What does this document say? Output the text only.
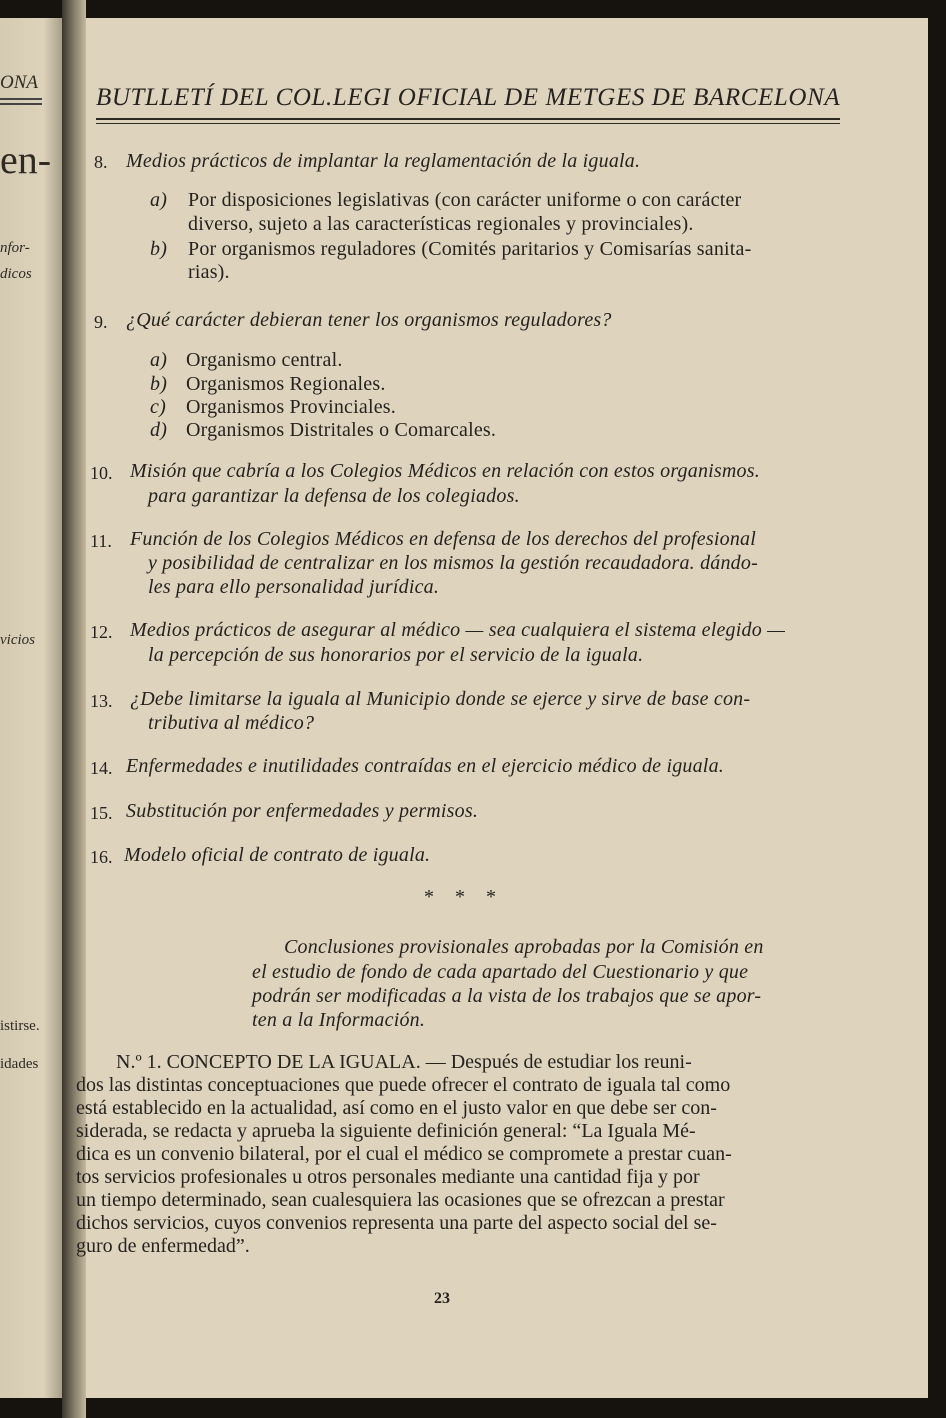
ONA
en-
nfor-
dicos
vicios
istirse.
idades
BUTLLETÍ DEL COL.LEGI OFICIAL DE METGES DE BARCELONA
8. Medios prácticos de implantar la reglamentación de la iguala.
a) Por disposiciones legislativas (con carácter uniforme o con carácter
diverso, sujeto a las características regionales y provinciales).
b) Por organismos reguladores (Comités paritarios y Comisarías sanita-
rias).
9. ¿Qué carácter debieran tener los organismos reguladores?
a) Organismo central.
b) Organismos Regionales.
c) Organismos Provinciales.
d) Organismos Distritales o Comarcales.
10. Misión que cabría a los Colegios Médicos en relación con estos organismos.
para garantizar la defensa de los colegiados.
11. Función de los Colegios Médicos en defensa de los derechos del profesional
y posibilidad de centralizar en los mismos la gestión recaudadora. dándo-
les para ello personalidad jurídica.
12. Medios prácticos de asegurar al médico — sea cualquiera el sistema elegido —
la percepción de sus honorarios por el servicio de la iguala.
13. ¿Debe limitarse la iguala al Municipio donde se ejerce y sirve de base con-
tributiva al médico?
14. Enfermedades e inutilidades contraídas en el ejercicio médico de iguala.
15. Substitución por enfermedades y permisos.
16. Modelo oficial de contrato de iguala.
* * *
Conclusiones provisionales aprobadas por la Comisión en
el estudio de fondo de cada apartado del Cuestionario y que
podrán ser modificadas a la vista de los trabajos que se apor-
ten a la Información.
N.º 1. CONCEPTO DE LA IGUALA. — Después de estudiar los reuni-
dos las distintas conceptuaciones que puede ofrecer el contrato de iguala tal como
está establecido en la actualidad, así como en el justo valor en que debe ser con-
siderada, se redacta y aprueba la siguiente definición general: “La Iguala Mé-
dica es un convenio bilateral, por el cual el médico se compromete a prestar cuan-
tos servicios profesionales u otros personales mediante una cantidad fija y por
un tiempo determinado, sean cualesquiera las ocasiones que se ofrezcan a prestar
dichos servicios, cuyos convenios representa una parte del aspecto social del se-
guro de enfermedad”.
23
